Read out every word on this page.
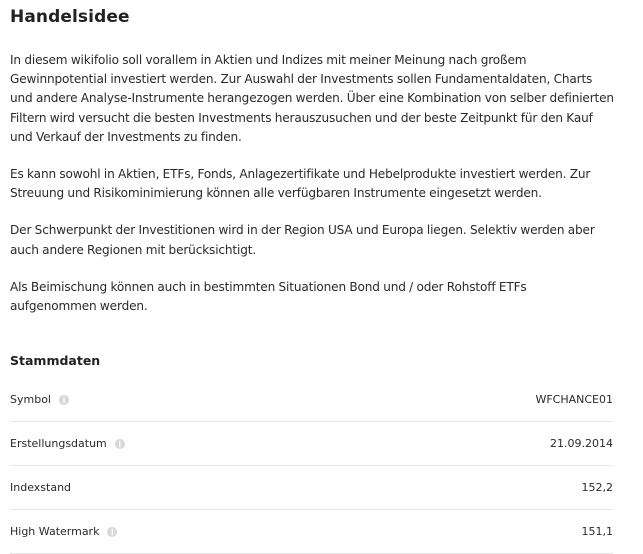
Handelsidee

In diesem wikifolio soll vorallem in Aktien und Indizes mit meiner Meinung nach großem Gewinnpotential investiert werden. Zur Auswahl der Investments sollen Fundamentaldaten, Charts und andere Analyse-Instrumente herangezogen werden. Über eine Kombination von selber definierten Filtern wird versucht die besten Investments herauszusuchen und der beste Zeitpunkt für den Kauf und Verkauf der Investments zu finden.

Es kann sowohl in Aktien, ETFs, Fonds, Anlagezertifikate und Hebelprodukte investiert werden. Zur Streuung und Risikominimierung können alle verfügbaren Instrumente eingesetzt werden.

Der Schwerpunkt der Investitionen wird in der Region USA und Europa liegen. Selektiv werden aber auch andere Regionen mit berücksichtigt.

Als Beimischung können auch in bestimmten Situationen Bond und / oder Rohstoff ETFs aufgenommen werden.

Stammdaten
Symbol	i	WFCHANCE01
Erstellungsdatum	i	21.09.2014
Indexstand	152,2
High Watermark	i	151,1
